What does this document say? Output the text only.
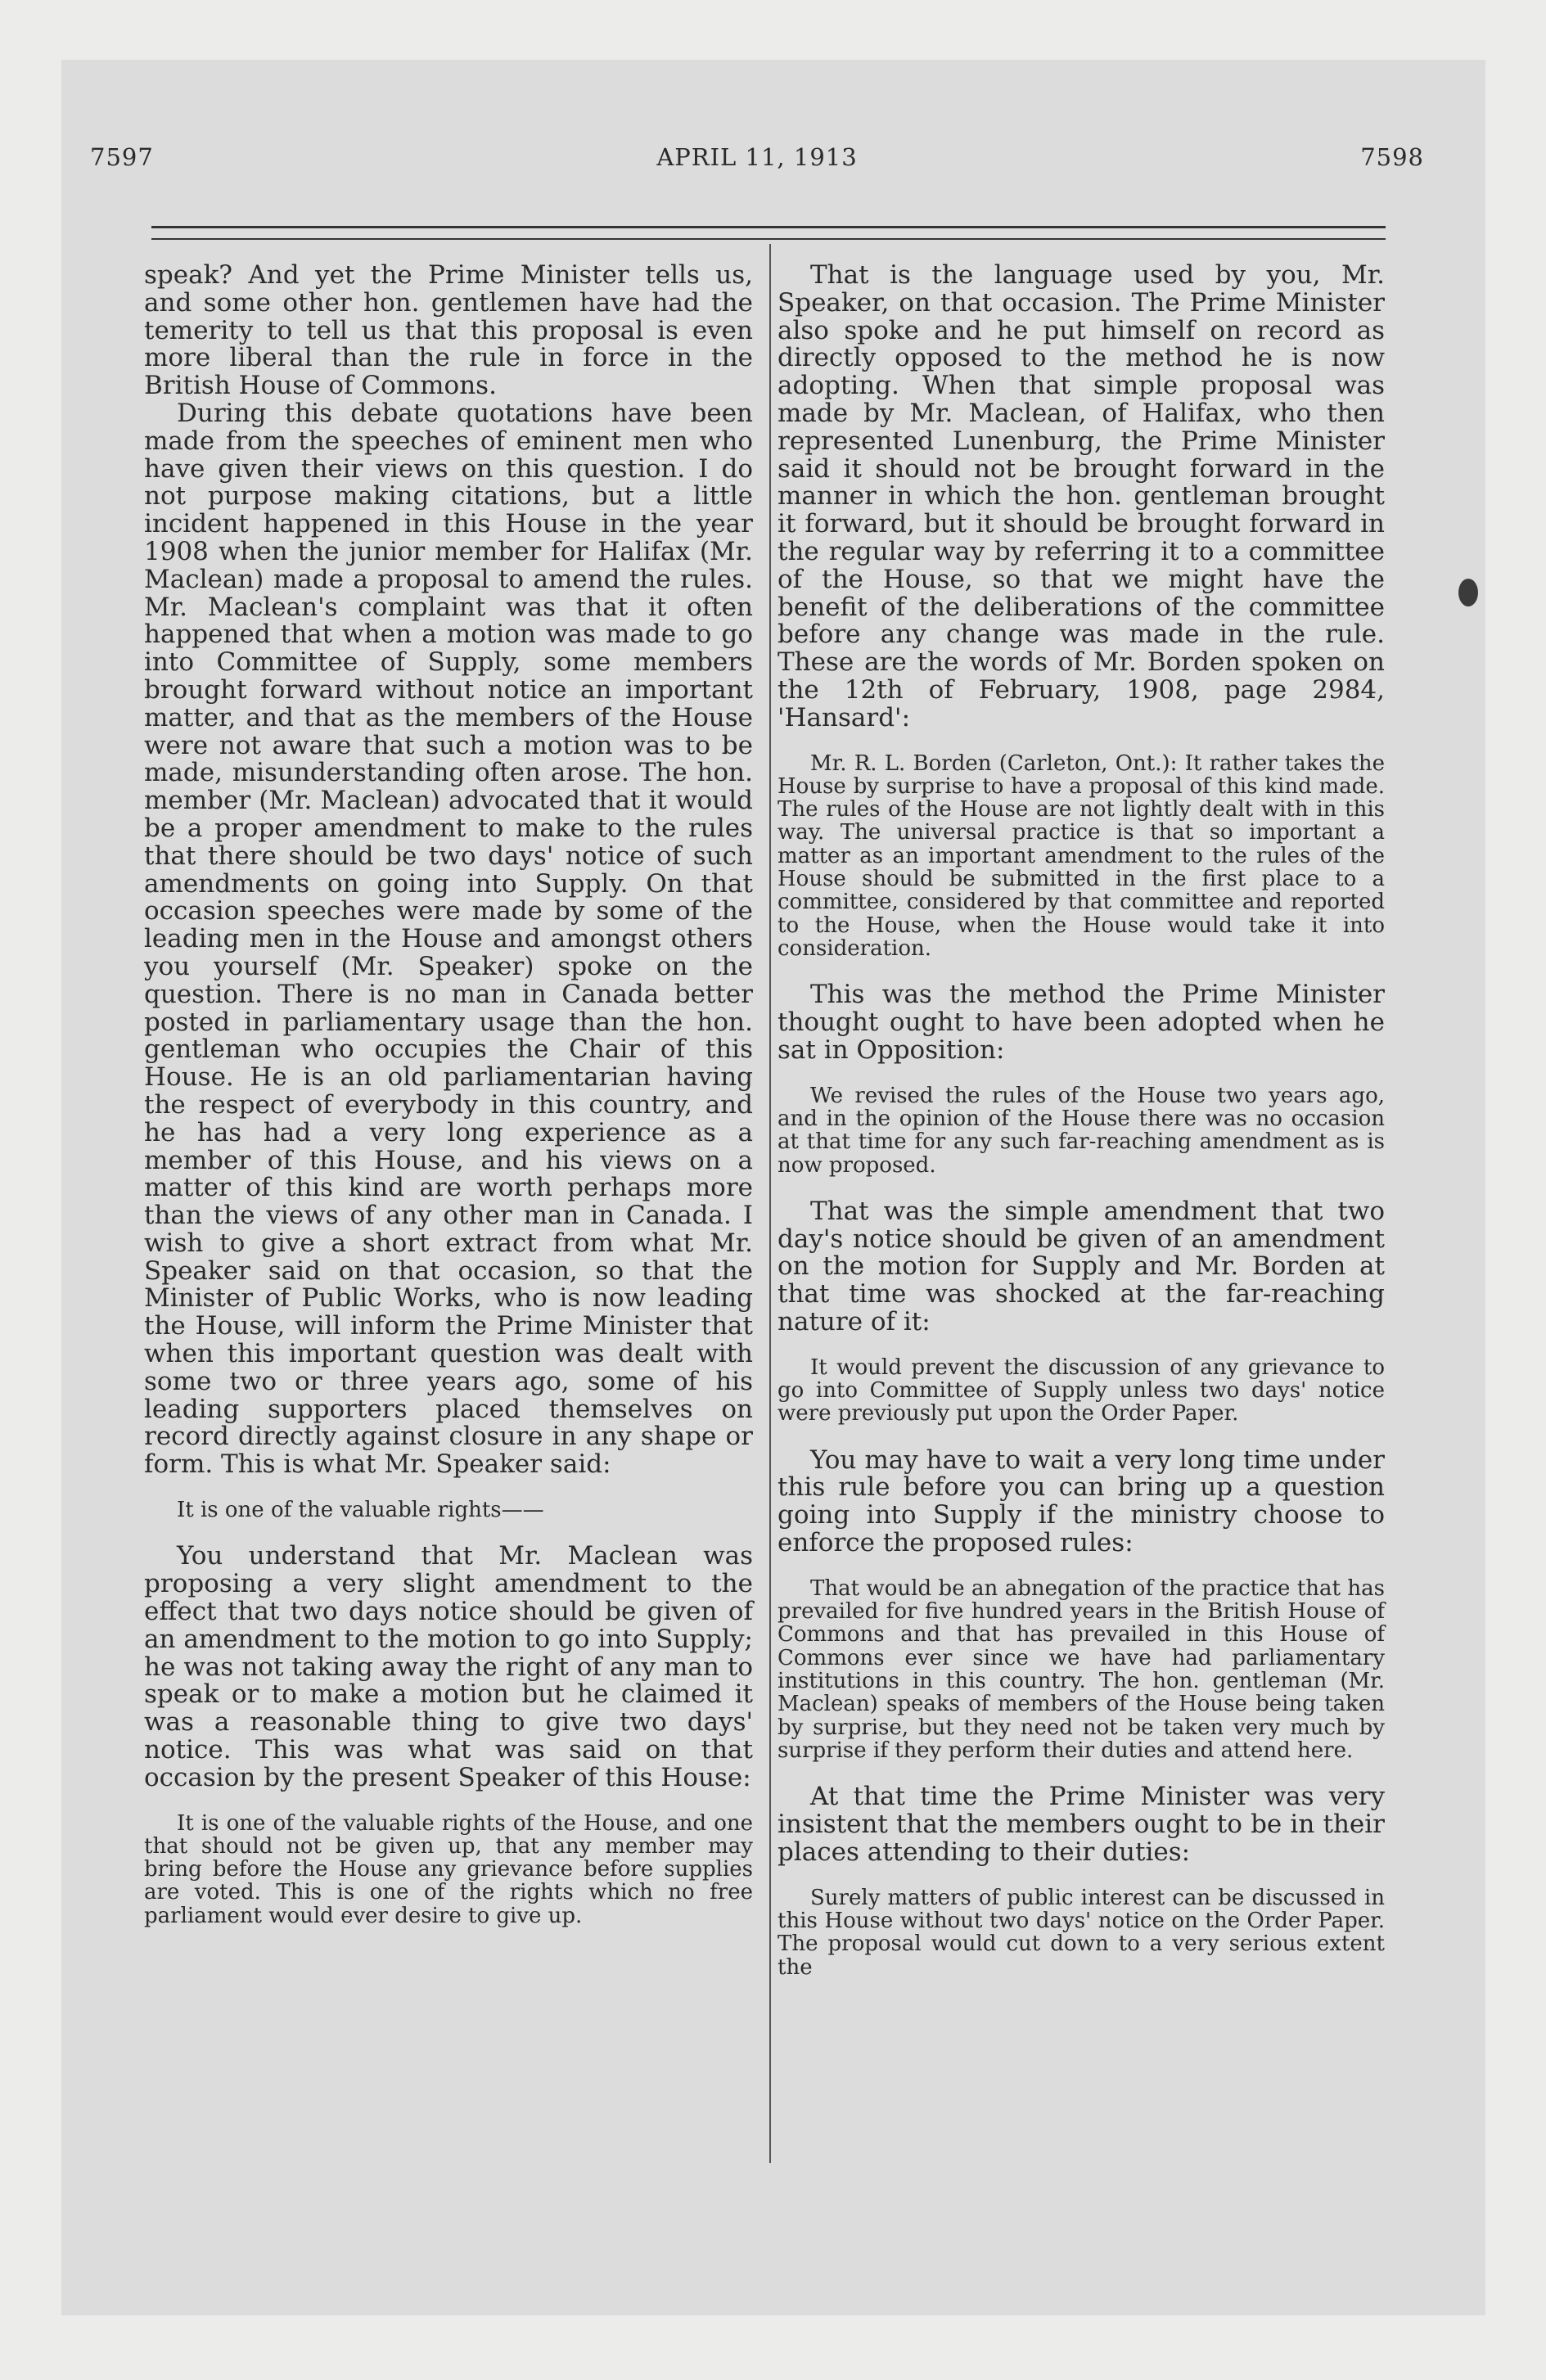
7597	APRIL 11, 1913	7598

speak? And yet the Prime Minister tells us, and some other hon. gentlemen have had the temerity to tell us that this proposal is even more liberal than the rule in force in the British House of Commons.

During this debate quotations have been made from the speeches of eminent men who have given their views on this question. I do not purpose making citations, but a little incident happened in this House in the year 1908 when the junior member for Halifax (Mr. Maclean) made a proposal to amend the rules. Mr. Maclean's complaint was that it often happened that when a motion was made to go into Committee of Supply, some members brought forward without notice an important matter, and that as the members of the House were not aware that such a motion was to be made, misunderstanding often arose. The hon. member (Mr. Maclean) advocated that it would be a proper amendment to make to the rules that there should be two days' notice of such amendments on going into Supply. On that occasion speeches were made by some of the leading men in the House and amongst others you yourself (Mr. Speaker) spoke on the question. There is no man in Canada better posted in parliamentary usage than the hon. gentleman who occupies the Chair of this House. He is an old parliamentarian having the respect of everybody in this country, and he has had a very long experience as a member of this House, and his views on a matter of this kind are worth perhaps more than the views of any other man in Canada. I wish to give a short extract from what Mr. Speaker said on that occasion, so that the Minister of Public Works, who is now leading the House, will inform the Prime Minister that when this important question was dealt with some two or three years ago, some of his leading supporters placed themselves on record directly against closure in any shape or form. This is what Mr. Speaker said:

It is one of the valuable rights——

You understand that Mr. Maclean was proposing a very slight amendment to the effect that two days notice should be given of an amendment to the motion to go into Supply; he was not taking away the right of any man to speak or to make a motion but he claimed it was a reasonable thing to give two days' notice. This was what was said on that occasion by the present Speaker of this House:

It is one of the valuable rights of the House, and one that should not be given up, that any member may bring before the House any grievance before supplies are voted. This is one of the rights which no free parliament would ever desire to give up.

That is the language used by you, Mr. Speaker, on that occasion. The Prime Minister also spoke and he put himself on record as directly opposed to the method he is now adopting. When that simple proposal was made by Mr. Maclean, of Halifax, who then represented Lunenburg, the Prime Minister said it should not be brought forward in the manner in which the hon. gentleman brought it forward, but it should be brought forward in the regular way by referring it to a committee of the House, so that we might have the benefit of the deliberations of the committee before any change was made in the rule. These are the words of Mr. Borden spoken on the 12th of February, 1908, page 2984, 'Hansard':

Mr. R. L. Borden (Carleton, Ont.): It rather takes the House by surprise to have a proposal of this kind made. The rules of the House are not lightly dealt with in this way. The universal practice is that so important a matter as an important amendment to the rules of the House should be submitted in the first place to a committee, considered by that committee and reported to the House, when the House would take it into consideration.

This was the method the Prime Minister thought ought to have been adopted when he sat in Opposition:

We revised the rules of the House two years ago, and in the opinion of the House there was no occasion at that time for any such far-reaching amendment as is now proposed.

That was the simple amendment that two day's notice should be given of an amendment on the motion for Supply and Mr. Borden at that time was shocked at the far-reaching nature of it:

It would prevent the discussion of any grievance to go into Committee of Supply unless two days' notice were previously put upon the Order Paper.

You may have to wait a very long time under this rule before you can bring up a question going into Supply if the ministry choose to enforce the proposed rules:

That would be an abnegation of the practice that has prevailed for five hundred years in the British House of Commons and that has prevailed in this House of Commons ever since we have had parliamentary institutions in this country. The hon. gentleman (Mr. Maclean) speaks of members of the House being taken by surprise, but they need not be taken very much by surprise if they perform their duties and attend here.

At that time the Prime Minister was very insistent that the members ought to be in their places attending to their duties:

Surely matters of public interest can be discussed in this House without two days' notice on the Order Paper. The proposal would cut down to a very serious extent the
